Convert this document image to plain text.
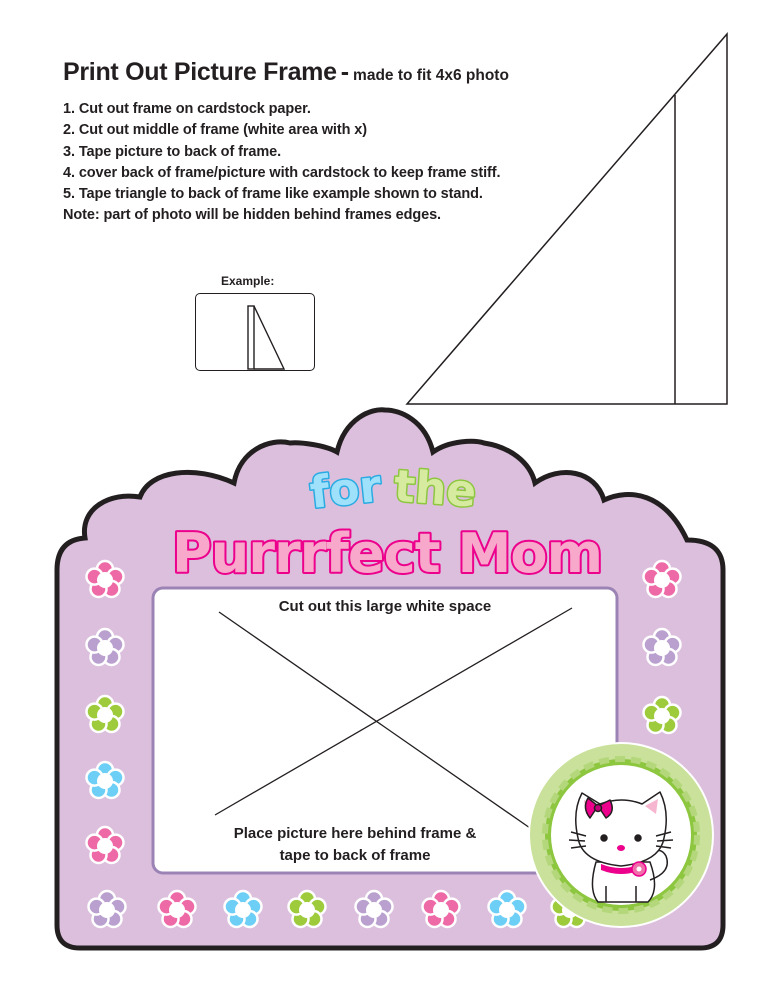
Print Out Picture Frame - made to fit 4x6 photo
1. Cut out frame on cardstock paper.
2. Cut out middle of frame (white area with x)
3. Tape picture to back of frame.
4. cover back of frame/picture with cardstock to keep frame stiff.
5. Tape triangle to back of frame like example shown to stand.
Note: part of photo will be hidden behind frames edges.
Example:
for the
Purrrfect Mom
Cut out this large white space
Place picture here behind frame &
tape to back of frame
